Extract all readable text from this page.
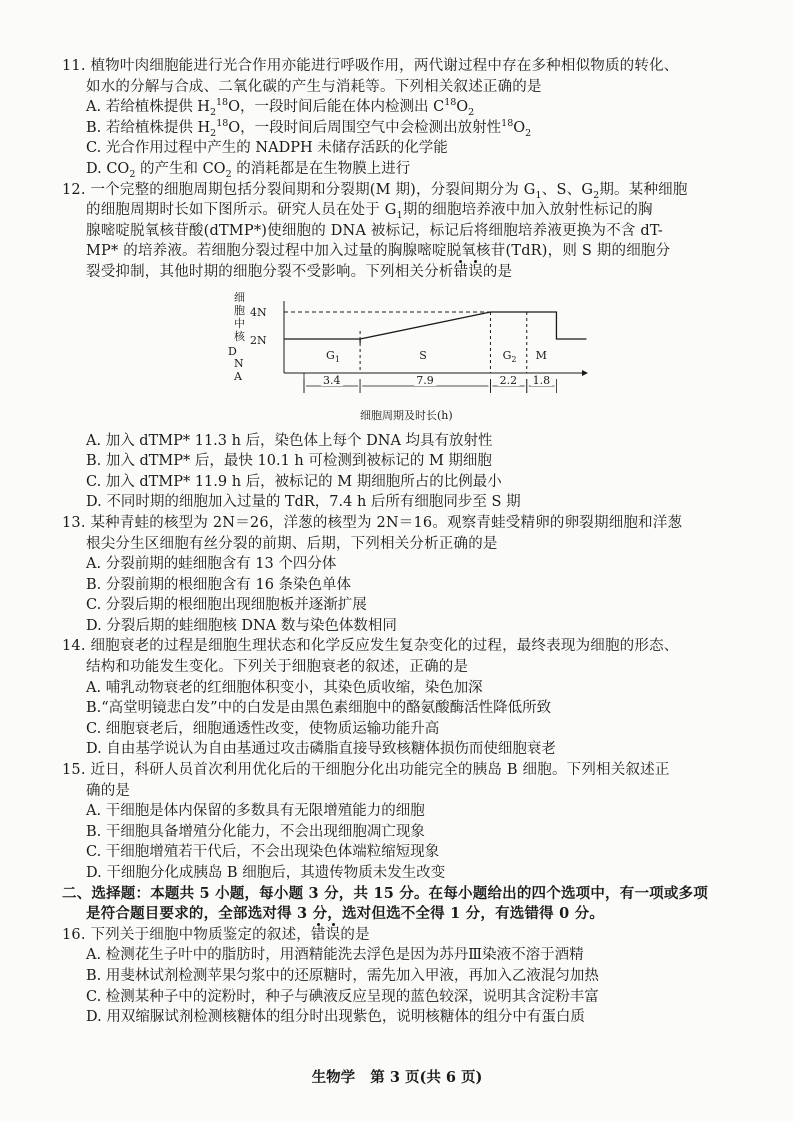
11. 植物叶肉细胞能进行光合作用亦能进行呼吸作用，两代谢过程中存在多种相似物质的转化、
如水的分解与合成、二氧化碳的产生与消耗等。下列相关叙述正确的是
A. 若给植株提供 $H_2^{18}O$，一段时间后能在体内检测出 $C^{18}O_2$
B. 若给植株提供 $H_2^{18}O$，一段时间后周围空气中会检测出放射性$^{18}O_2$
C. 光合作用过程中产生的 NADPH 未储存活跃的化学能
D. $CO_2$ 的产生和 $CO_2$ 的消耗都是在生物膜上进行
12. 一个完整的细胞周期包括分裂间期和分裂期(M 期)，分裂间期分为 $G_1$、S、$G_2$期。某种细胞
的细胞周期时长如下图所示。研究人员在处于 $G_1$期的细胞培养液中加入放射性标记的胸
腺嘧啶脱氧核苷酸(dTMP*)使细胞的 DNA 被标记，标记后将细胞培养液更换为不含 dT-
MP* 的培养液。若细胞分裂过程中加入过量的胸腺嘧啶脱氧核苷(TdR)，则 S 期的细胞分
裂受抑制，其他时期的细胞分裂不受影响。下列相关分析错误的是
细
胞
中
核
D
N
A
4N
2N
$G_1$
3.4
S
7.9
$G_2$
2.2
M
1.8
细胞周期及时长(h)
A. 加入 dTMP* 11.3 h 后，染色体上每个 DNA 均具有放射性
B. 加入 dTMP* 后，最快 10.1 h 可检测到被标记的 M 期细胞
C. 加入 dTMP* 11.9 h 后，被标记的 M 期细胞所占的比例最小
D. 不同时期的细胞加入过量的 TdR，7.4 h 后所有细胞同步至 S 期
13. 某种青蛙的核型为 2N＝26，洋葱的核型为 2N＝16。观察青蛙受精卵的卵裂期细胞和洋葱
根尖分生区细胞有丝分裂的前期、后期，下列相关分析正确的是
A. 分裂前期的蛙细胞含有 13 个四分体
B. 分裂前期的根细胞含有 16 条染色单体
C. 分裂后期的根细胞出现细胞板并逐渐扩展
D. 分裂后期的蛙细胞核 DNA 数与染色体数相同
14. 细胞衰老的过程是细胞生理状态和化学反应发生复杂变化的过程，最终表现为细胞的形态、
结构和功能发生变化。下列关于细胞衰老的叙述，正确的是
A. 哺乳动物衰老的红细胞体积变小，其染色质收缩，染色加深
B.“高堂明镜悲白发”中的白发是由黑色素细胞中的酪氨酸酶活性降低所致
C. 细胞衰老后，细胞通透性改变，使物质运输功能升高
D. 自由基学说认为自由基通过攻击磷脂直接导致核糖体损伤而使细胞衰老
15. 近日，科研人员首次利用优化后的干细胞分化出功能完全的胰岛 B 细胞。下列相关叙述正
确的是
A. 干细胞是体内保留的多数具有无限增殖能力的细胞
B. 干细胞具备增殖分化能力，不会出现细胞凋亡现象
C. 干细胞增殖若干代后，不会出现染色体端粒缩短现象
D. 干细胞分化成胰岛 B 细胞后，其遗传物质未发生改变
二、选择题：本题共 5 小题，每小题 3 分，共 15 分。在每小题给出的四个选项中，有一项或多项
是符合题目要求的，全部选对得 3 分，选对但选不全得 1 分，有选错得 0 分。
16. 下列关于细胞中物质鉴定的叙述，错误的是
A. 检测花生子叶中的脂肪时，用酒精能洗去浮色是因为苏丹Ⅲ染液不溶于酒精
B. 用斐林试剂检测苹果匀浆中的还原糖时，需先加入甲液，再加入乙液混匀加热
C. 检测某种子中的淀粉时，种子与碘液反应呈现的蓝色较深，说明其含淀粉丰富
D. 用双缩脲试剂检测核糖体的组分时出现紫色，说明核糖体的组分中有蛋白质
生物学 第 3 页(共 6 页)
